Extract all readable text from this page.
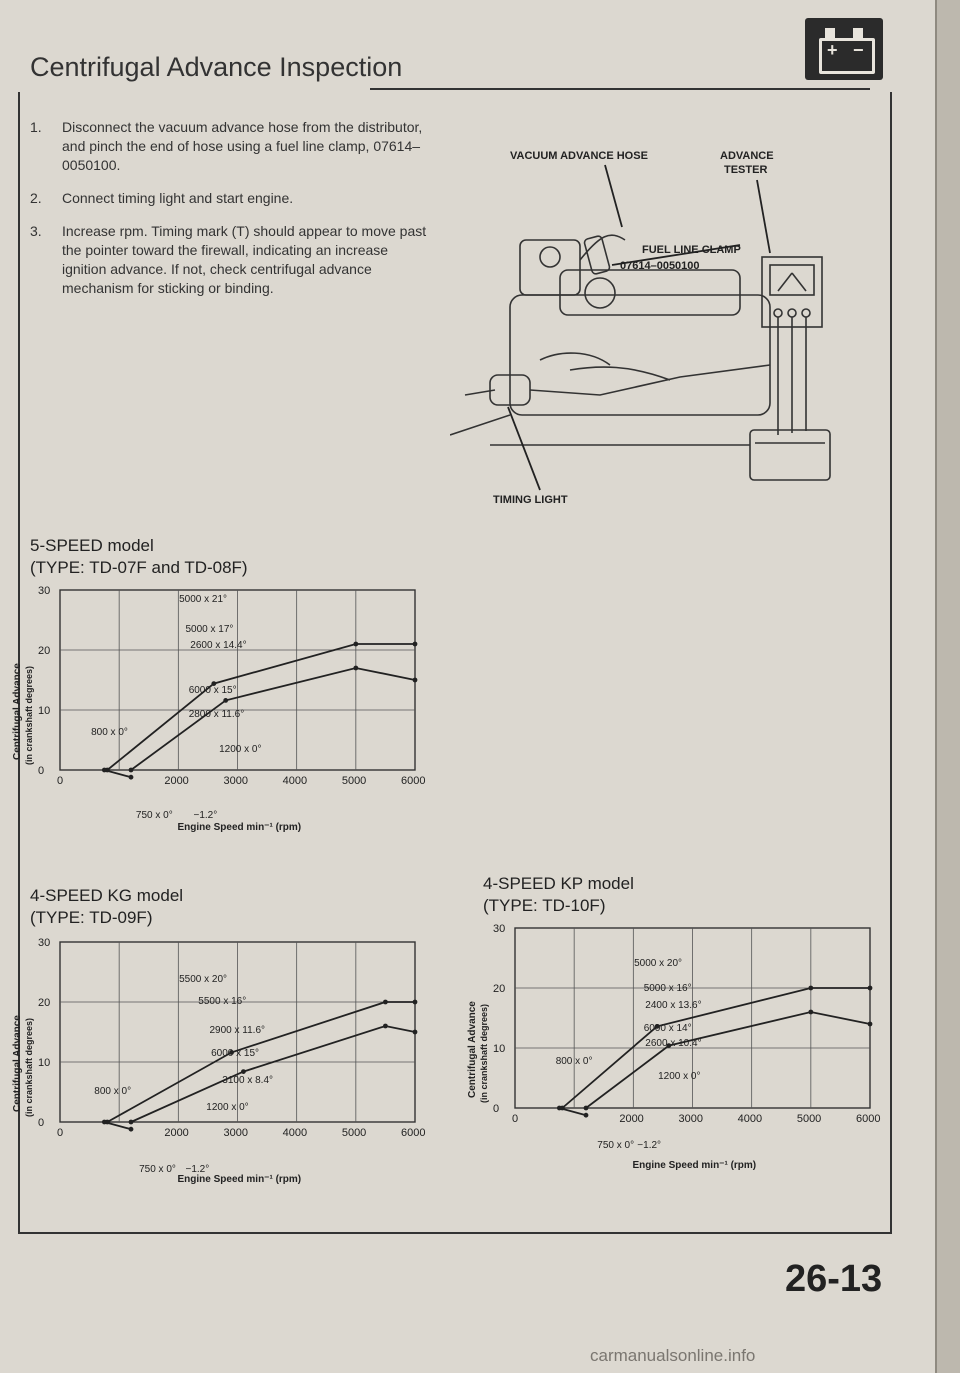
Centrifugal Advance Inspection
+ −
1. Disconnect the vacuum advance hose from the distributor, and pinch the end of hose using a fuel line clamp, 07614–0050100.
2. Connect timing light and start engine.
3. Increase rpm. Timing mark (T) should appear to move past the pointer toward the firewall, indicating an increase ignition advance. If not, check centrifugal advance mechanism for sticking or binding.
VACUUM ADVANCE HOSE	ADVANCE
TESTER
FUEL LINE CLAMP
07614–0050100
TIMING LIGHT
5-SPEED model
(TYPE: TD-07F and TD-08F)
4-SPEED KG model
(TYPE: TD-09F)
4-SPEED KP model
(TYPE: TD-10F)
0
10
20
30
0	2000	3000	4000	5000	6000
5000 x 21°
5000 x 17°
2600 x 14.4°
6000 x 15°
2800 x 11.6°
800 x 0°
1200 x 0°
750 x 0° −1.2°
Engine Speed min⁻¹ (rpm)
Centrifugal Advance (in crankshaft degrees)
0
10
20
30
0	2000	3000	4000	5000	6000
5500 x 20°
5500 x 16°
2900 x 11.6°
6000 x 15°
3100 x 8.4°
800 x 0°
1200 x 0°
750 x 0° −1.2°
Engine Speed min⁻¹ (rpm)
Centrifugal Advance (in crankshaft degrees)	0
10
20
30
0	2000	3000	4000	5000	6000
5000 x 20°
5000 x 16°
2400 x 13.6°
6000 x 14°
2600 x 10.4°
800 x 0°
1200 x 0°
750 x 0° −1.2°
Engine Speed min⁻¹ (rpm)
Centrifugal Advance (in crankshaft degrees)
26-13
carmanualsonline.info
